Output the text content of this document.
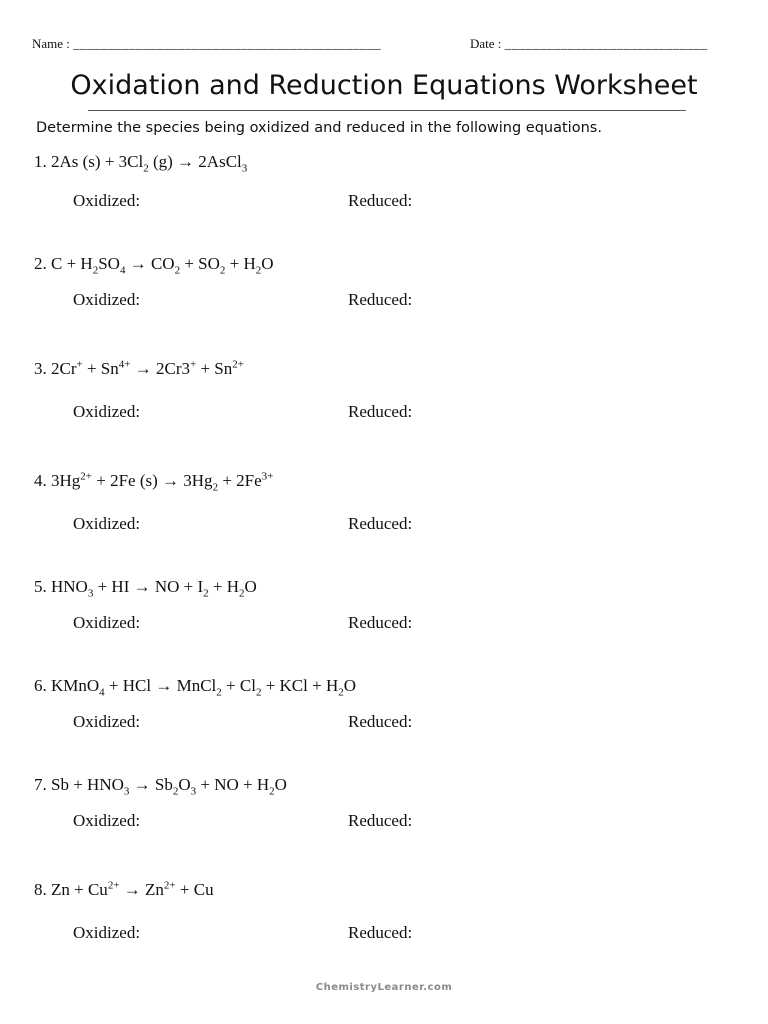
Name : ____________________________________________	Date : _____________________________
Oxidation and Reduction Equations Worksheet
Determine the species being oxidized and reduced in the following equations.
1. 2As $(s) + 3Cl_2$ (g) → 2AsCl$_3$
Oxidized:	Reduced:
2. $C + H_2SO_4 \to CO_2 + SO_2 + H_2O$
Oxidized:	Reduced:
3. $2Cr^+ + Sn^{4+} \to 2Cr3^+ + Sn^{2+}$
Oxidized:	Reduced:
4. $3Hg^{2+} + 2Fe$ $(s) \to 3Hg_2 + 2Fe^{3+}$
Oxidized:	Reduced:
5. $HNO_3$ + HI → NO + $I_2 + H_2O$
Oxidized:	Reduced:
6. KMnO$_4$ + HCl → MnCl$_2$ + $Cl_2$ + KCl + $H_2O$
Oxidized:	Reduced:
7. $Sb + HNO_3 \to Sb_2O_3$ + NO + $H_2O$
Oxidized:	Reduced:
8. $Zn + Cu^{2+} \to Zn^{2+} + Cu$
Oxidized:	Reduced:
ChemistryLearner.com
